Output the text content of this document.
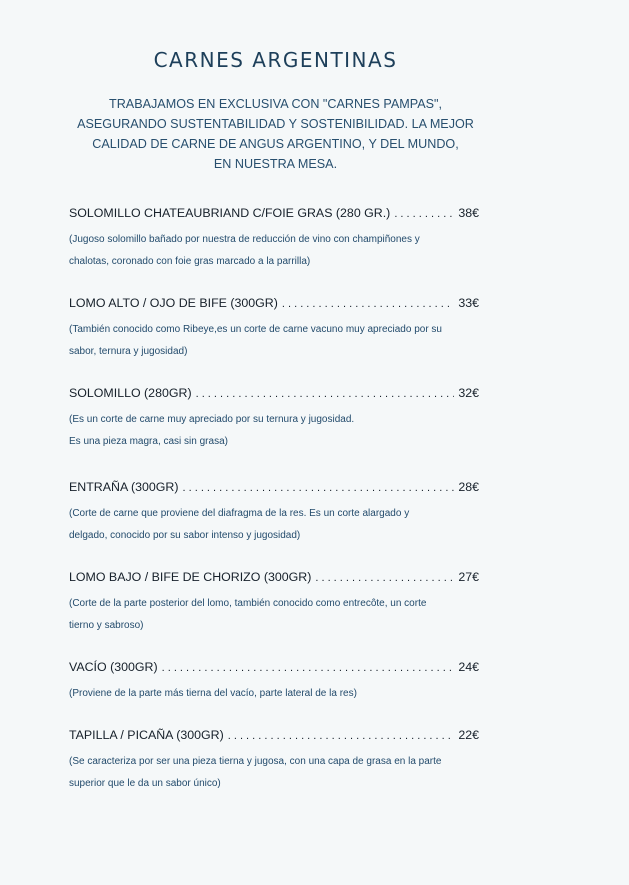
CARNES ARGENTINAS
TRABAJAMOS EN EXCLUSIVA CON "CARNES PAMPAS",
ASEGURANDO SUSTENTABILIDAD Y SOSTENIBILIDAD. LA MEJOR
CALIDAD DE CARNE DE ANGUS ARGENTINO, Y DEL MUNDO,
EN NUESTRA MESA.
SOLOMILLO CHATEAUBRIAND C/FOIE GRAS (280 GR.) . . .	38€
(Jugoso solomillo bañado por nuestra de reducción de vino con champiñones y
chalotas, coronado con foie gras marcado a la parrilla)
LOMO ALTO / OJO DE BIFE (300GR) . . .	33€
(También conocido como Ribeye,es un corte de carne vacuno muy apreciado por su
sabor, ternura y jugosidad)
SOLOMILLO (280GR) . . .	32€
(Es un corte de carne muy apreciado por su ternura y jugosidad.
Es una pieza magra, casi sin grasa)
ENTRAÑA (300GR) . . .	28€
(Corte de carne que proviene del diafragma de la res. Es un corte alargado y
delgado, conocido por su sabor intenso y jugosidad)
LOMO BAJO / BIFE DE CHORIZO (300GR) . . .	27€
(Corte de la parte posterior del lomo, también conocido como entrecôte, un corte
tierno y sabroso)
VACÍO (300GR) . . .	24€
(Proviene de la parte más tierna del vacío, parte lateral de la res)
TAPILLA / PICAÑA (300GR) . . .	22€
(Se caracteriza por ser una pieza tierna y jugosa, con una capa de grasa en la parte
superior que le da un sabor único)
